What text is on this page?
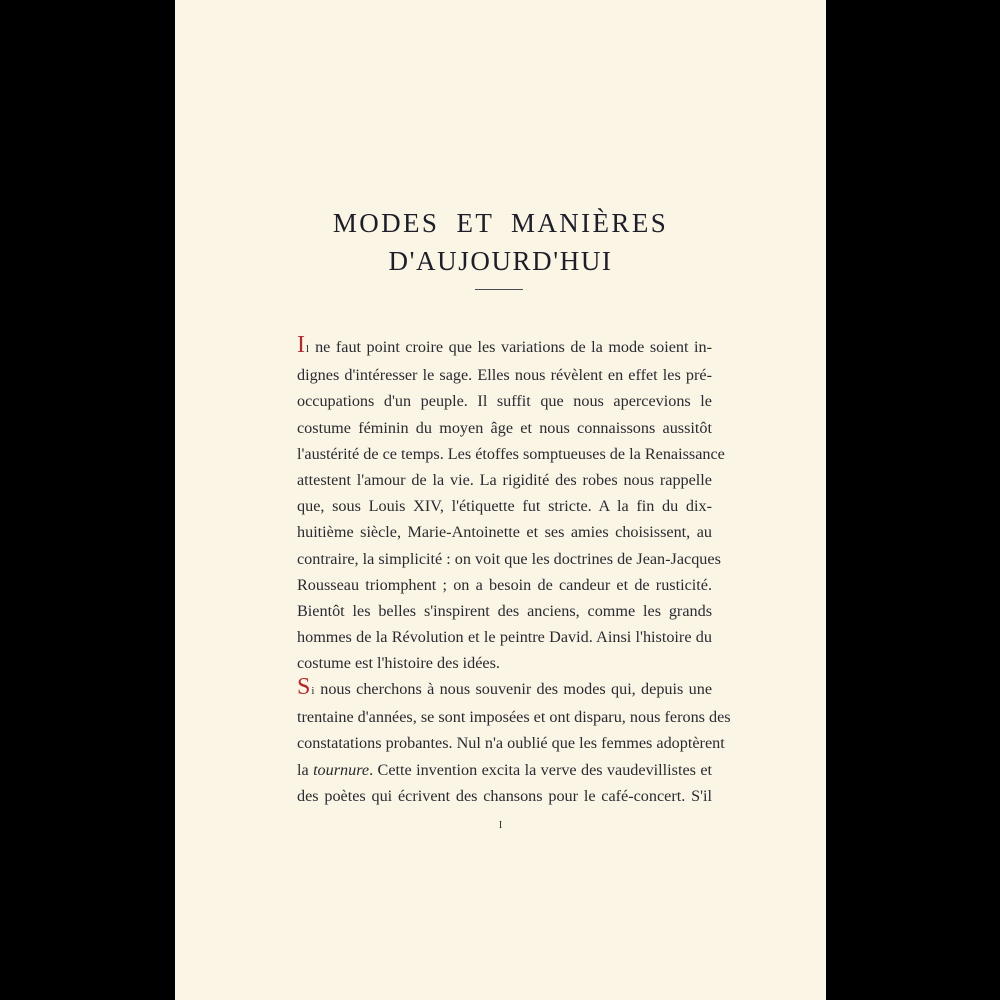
MODES ET MANIÈRES
D'AUJOURD'HUI
Il ne faut point croire que les variations de la mode soient in-
dignes d'intéresser le sage. Elles nous révèlent en effet les pré-
occupations d'un peuple. Il suffit que nous apercevions le
costume féminin du moyen âge et nous connaissons aussitôt
l'austérité de ce temps. Les étoffes somptueuses de la Renaissance
attestent l'amour de la vie. La rigidité des robes nous rappelle
que, sous Louis XIV, l'étiquette fut stricte. A la fin du dix-
huitième siècle, Marie-Antoinette et ses amies choisissent, au
contraire, la simplicité : on voit que les doctrines de Jean-Jacques
Rousseau triomphent ; on a besoin de candeur et de rusticité.
Bientôt les belles s'inspirent des anciens, comme les grands
hommes de la Révolution et le peintre David. Ainsi l'histoire du
costume est l'histoire des idées.
Si nous cherchons à nous souvenir des modes qui, depuis une
trentaine d'années, se sont imposées et ont disparu, nous ferons des
constatations probantes. Nul n'a oublié que les femmes adoptèrent
la tournure. Cette invention excita la verve des vaudevillistes et
des poètes qui écrivent des chansons pour le café-concert. S'il
I
